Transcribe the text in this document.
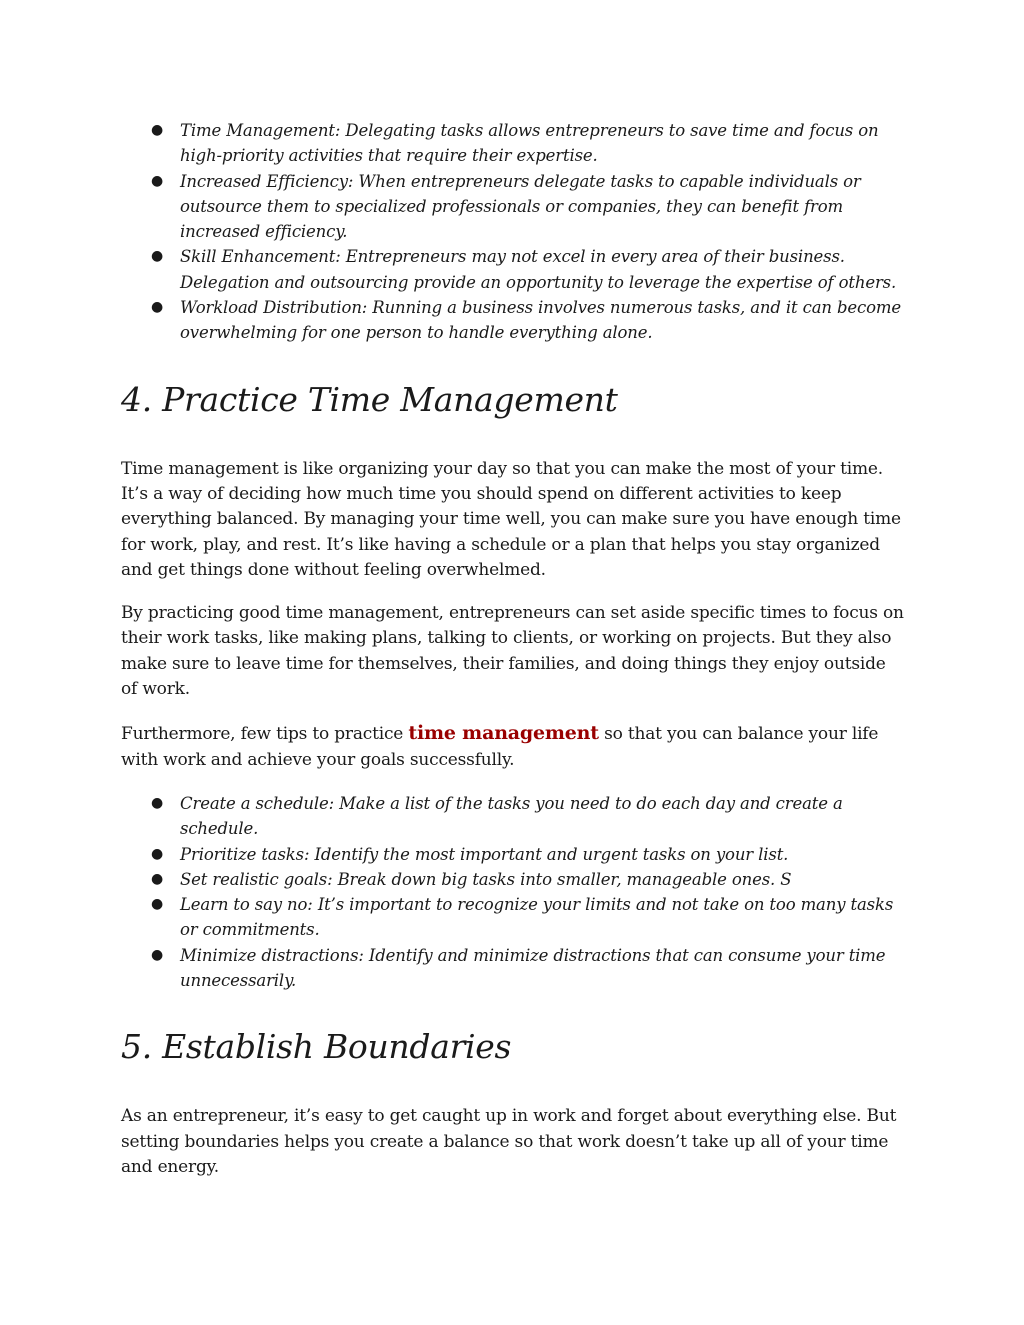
● Time Management: Delegating tasks allows entrepreneurs to save time and focus on high-priority activities that require their expertise.
● Increased Efficiency: When entrepreneurs delegate tasks to capable individuals or outsource them to specialized professionals or companies, they can benefit from increased efficiency.
● Skill Enhancement: Entrepreneurs may not excel in every area of their business. Delegation and outsourcing provide an opportunity to leverage the expertise of others.
● Workload Distribution: Running a business involves numerous tasks, and it can become overwhelming for one person to handle everything alone.
4. Practice Time Management

Time management is like organizing your day so that you can make the most of your time. It’s a way of deciding how much time you should spend on different activities to keep everything balanced. By managing your time well, you can make sure you have enough time for work, play, and rest. It’s like having a schedule or a plan that helps you stay organized and get things done without feeling overwhelmed.

By practicing good time management, entrepreneurs can set aside specific times to focus on their work tasks, like making plans, talking to clients, or working on projects. But they also make sure to leave time for themselves, their families, and doing things they enjoy outside of work.

Furthermore, few tips to practice time management so that you can balance your life with work and achieve your goals successfully.

● Create a schedule: Make a list of the tasks you need to do each day and create a schedule.
● Prioritize tasks: Identify the most important and urgent tasks on your list.
● Set realistic goals: Break down big tasks into smaller, manageable ones. S
● Learn to say no: It’s important to recognize your limits and not take on too many tasks or commitments.
● Minimize distractions: Identify and minimize distractions that can consume your time unnecessarily.
5. Establish Boundaries

As an entrepreneur, it’s easy to get caught up in work and forget about everything else. But setting boundaries helps you create a balance so that work doesn’t take up all of your time and energy.
